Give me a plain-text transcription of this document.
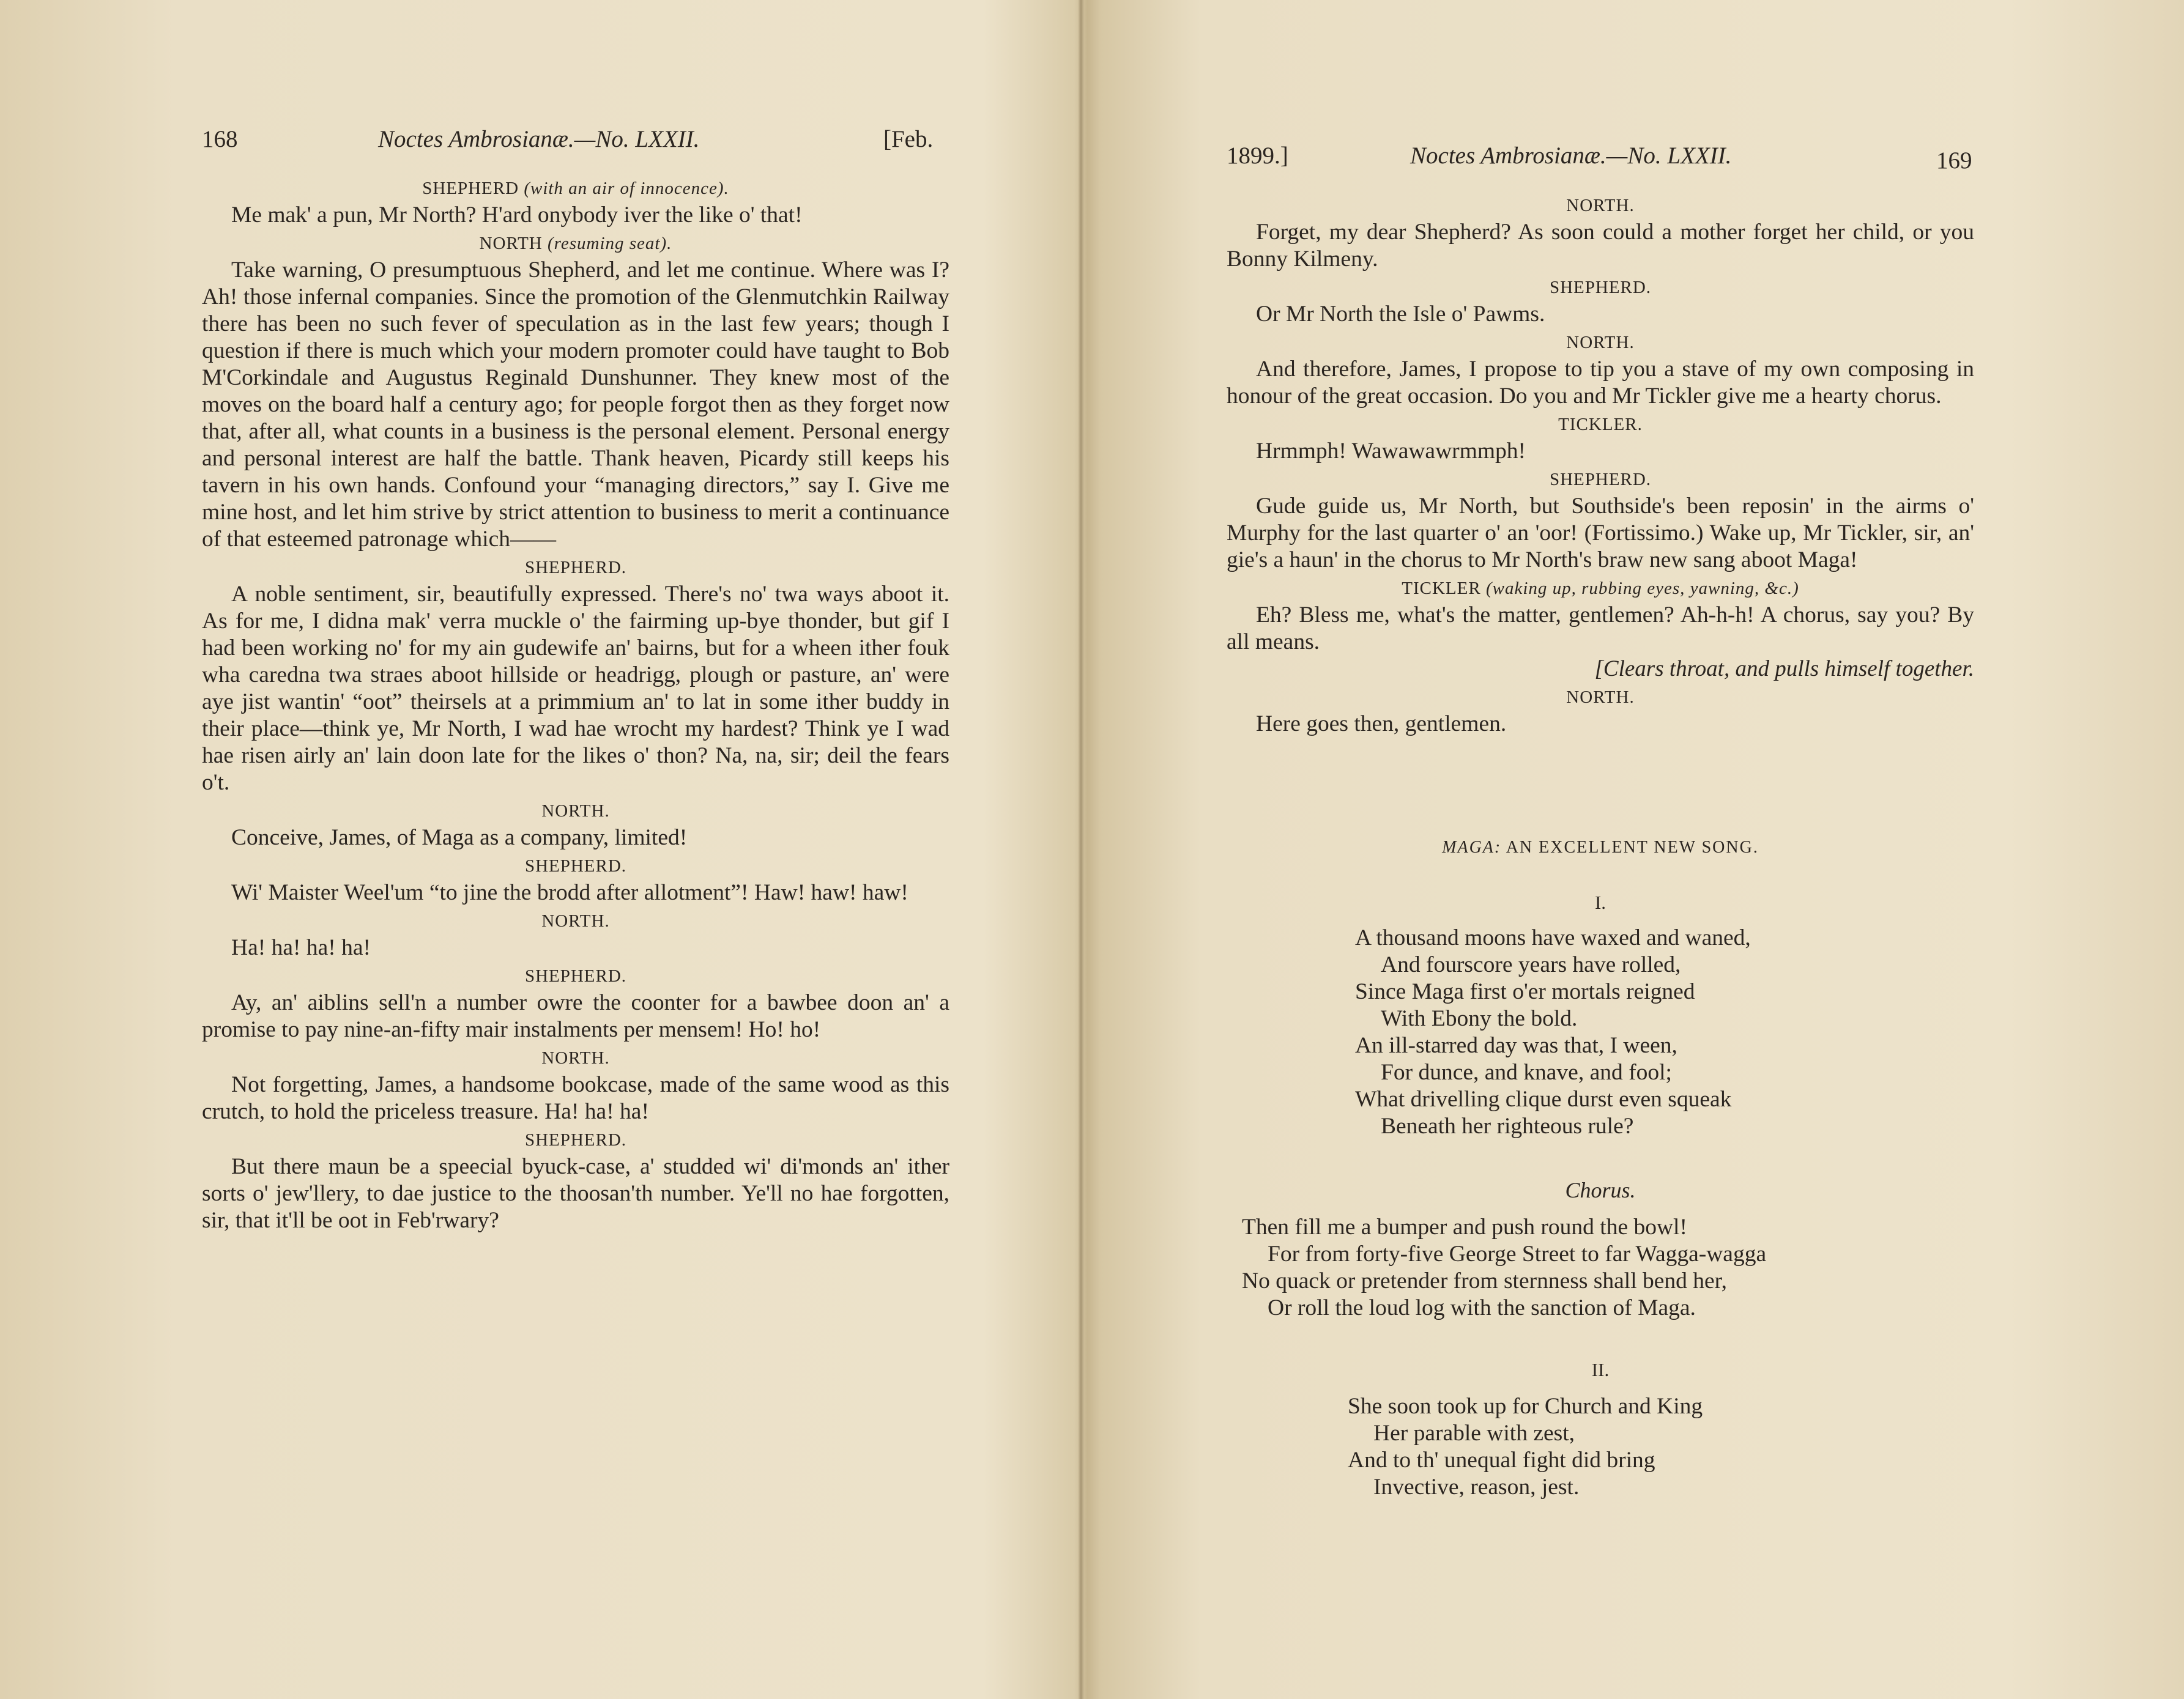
168	Noctes Ambrosianæ.—No. LXXII.	[Feb.
SHEPHERD (with an air of innocence).

Me mak' a pun, Mr North? H'ard onybody iver the like o' that!

NORTH (resuming seat).

Take warning, O presumptuous Shepherd, and let me continue. Where was I? Ah! those infernal companies. Since the promotion of the Glenmutchkin Railway there has been no such fever of speculation as in the last few years; though I question if there is much which your modern promoter could have taught to Bob M'Corkindale and Augustus Reginald Dunshunner. They knew most of the moves on the board half a century ago; for people forgot then as they forget now that, after all, what counts in a business is the personal element. Personal energy and personal interest are half the battle. Thank heaven, Picardy still keeps his tavern in his own hands. Confound your “managing directors,” say I. Give me mine host, and let him strive by strict attention to business to merit a continuance of that esteemed patronage which——

SHEPHERD.

A noble sentiment, sir, beautifully expressed. There's no' twa ways aboot it. As for me, I didna mak' verra muckle o' the fairming up-bye thonder, but gif I had been working no' for my ain gudewife an' bairns, but for a wheen ither fouk wha caredna twa straes aboot hillside or headrigg, plough or pasture, an' were aye jist wantin' “oot” theirsels at a primmium an' to lat in some ither buddy in their place—think ye, Mr North, I wad hae wrocht my hardest? Think ye I wad hae risen airly an' lain doon late for the likes o' thon? Na, na, sir; deil the fears o't.

NORTH.

Conceive, James, of Maga as a company, limited!

SHEPHERD.

Wi' Maister Weel'um “to jine the brodd after allotment”! Haw! haw! haw!

NORTH.

Ha! ha! ha! ha!

SHEPHERD.

Ay, an' aiblins sell'n a number owre the coonter for a bawbee doon an' a promise to pay nine-an-fifty mair instalments per mensem! Ho! ho!

NORTH.

Not forgetting, James, a handsome bookcase, made of the same wood as this crutch, to hold the priceless treasure. Ha! ha! ha!

SHEPHERD.

But there maun be a speecial byuck-case, a' studded wi' di'monds an' ither sorts o' jew'llery, to dae justice to the thoosan'th number. Ye'll no hae forgotten, sir, that it'll be oot in Feb'rwary?

1899.]	Noctes Ambrosianæ.—No. LXXII.	169
NORTH.

Forget, my dear Shepherd? As soon could a mother forget her child, or you Bonny Kilmeny.

SHEPHERD.

Or Mr North the Isle o' Pawms.

NORTH.

And therefore, James, I propose to tip you a stave of my own composing in honour of the great occasion. Do you and Mr Tickler give me a hearty chorus.

TICKLER.

Hrmmph! Wawawawrmmph!

SHEPHERD.

Gude guide us, Mr North, but Southside's been reposin' in the airms o' Murphy for the last quarter o' an 'oor! (Fortissimo.) Wake up, Mr Tickler, sir, an' gie's a haun' in the chorus to Mr North's braw new sang aboot Maga!

TICKLER (waking up, rubbing eyes, yawning, &c.)

Eh? Bless me, what's the matter, gentlemen? Ah-h-h! A chorus, say you? By all means.

[Clears throat, and pulls himself together.

NORTH.

Here goes then, gentlemen.

MAGA: AN EXCELLENT NEW SONG.

I.

A thousand moons have waxed and waned,
And fourscore years have rolled,
Since Maga first o'er mortals reigned
With Ebony the bold.
An ill-starred day was that, I ween,
For dunce, and knave, and fool;
What drivelling clique durst even squeak
Beneath her righteous rule?

Chorus.

Then fill me a bumper and push round the bowl!
For from forty-five George Street to far Wagga-wagga
No quack or pretender from sternness shall bend her,
Or roll the loud log with the sanction of Maga.

II.

She soon took up for Church and King
Her parable with zest,
And to th' unequal fight did bring
Invective, reason, jest.
